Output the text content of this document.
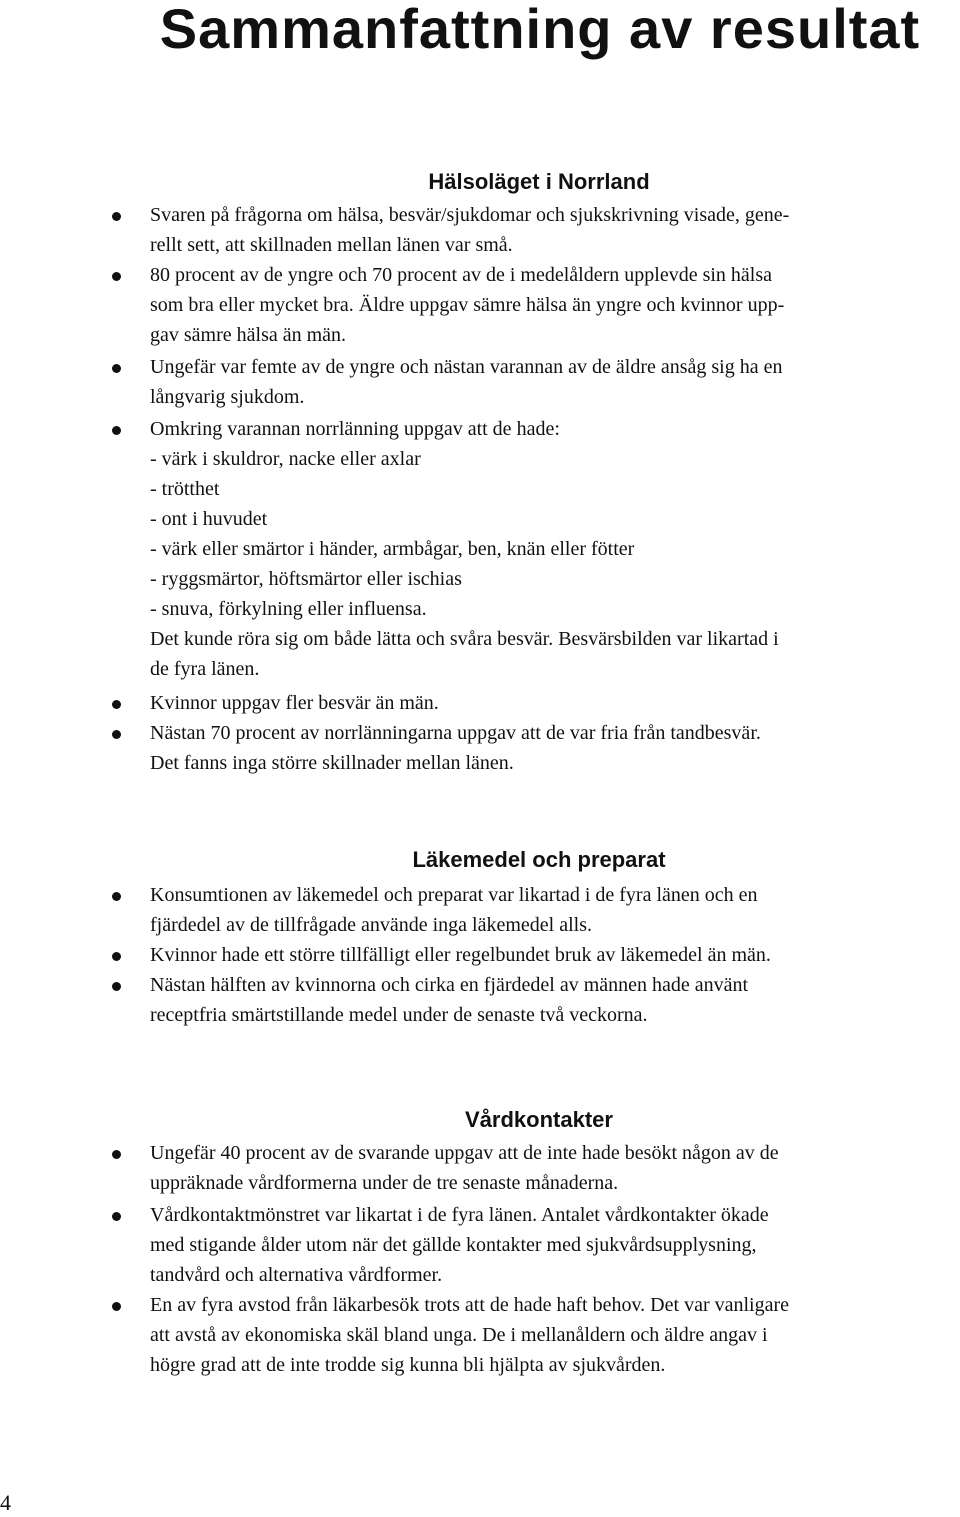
Sammanfattning av resultat
Hälsoläget i Norrland
Svaren på frågorna om hälsa, besvär/sjukdomar och sjukskrivning visade, gene-
rellt sett, att skillnaden mellan länen var små.
80 procent av de yngre och 70 procent av de i medelåldern upplevde sin hälsa
som bra eller mycket bra. Äldre uppgav sämre hälsa än yngre och kvinnor upp-
gav sämre hälsa än män.
Ungefär var femte av de yngre och nästan varannan av de äldre ansåg sig ha en
långvarig sjukdom.
Omkring varannan norrlänning uppgav att de hade:
- värk i skuldror, nacke eller axlar
- trötthet
- ont i huvudet
- värk eller smärtor i händer, armbågar, ben, knän eller fötter
- ryggsmärtor, höftsmärtor eller ischias
- snuva, förkylning eller influensa.
Det kunde röra sig om både lätta och svåra besvär. Besvärsbilden var likartad i
de fyra länen.
Kvinnor uppgav fler besvär än män.
Nästan 70 procent av norrlänningarna uppgav att de var fria från tandbesvär.
Det fanns inga större skillnader mellan länen.
Läkemedel och preparat
Konsumtionen av läkemedel och preparat var likartad i de fyra länen och en
fjärdedel av de tillfrågade använde inga läkemedel alls.
Kvinnor hade ett större tillfälligt eller regelbundet bruk av läkemedel än män.
Nästan hälften av kvinnorna och cirka en fjärdedel av männen hade använt
receptfria smärtstillande medel under de senaste två veckorna.
Vårdkontakter
Ungefär 40 procent av de svarande uppgav att de inte hade besökt någon av de
uppräknade vårdformerna under de tre senaste månaderna.
Vårdkontaktmönstret var likartat i de fyra länen. Antalet vårdkontakter ökade
med stigande ålder utom när det gällde kontakter med sjukvårdsupplysning,
tandvård och alternativa vårdformer.
En av fyra avstod från läkarbesök trots att de hade haft behov. Det var vanligare
att avstå av ekonomiska skäl bland unga. De i mellanåldern och äldre angav i
högre grad att de inte trodde sig kunna bli hjälpta av sjukvården.
4
